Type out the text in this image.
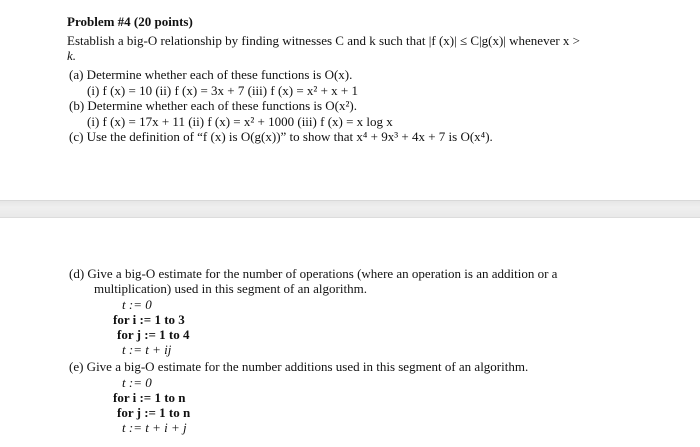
Problem #4 (20 points)
Establish a big-O relationship by finding witnesses C and k such that |f (x)| ≤ C|g(x)| whenever x >
k.
(a) Determine whether each of these functions is O(x).
(i) f (x) = 10 (ii) f (x) = 3x + 7 (iii) f (x) = x² + x + 1
(b) Determine whether each of these functions is O(x²).
(i) f (x) = 17x + 11 (ii) f (x) = x² + 1000 (iii) f (x) = x log x
(c) Use the definition of “f (x) is O(g(x))” to show that x⁴ + 9x³ + 4x + 7 is O(x⁴).
(d) Give a big-O estimate for the number of operations (where an operation is an addition or a
multiplication) used in this segment of an algorithm.
t := 0
for i := 1 to 3
for j := 1 to 4
t := t + ij
(e) Give a big-O estimate for the number additions used in this segment of an algorithm.
t := 0
for i := 1 to n
for j := 1 to n
t := t + i + j
